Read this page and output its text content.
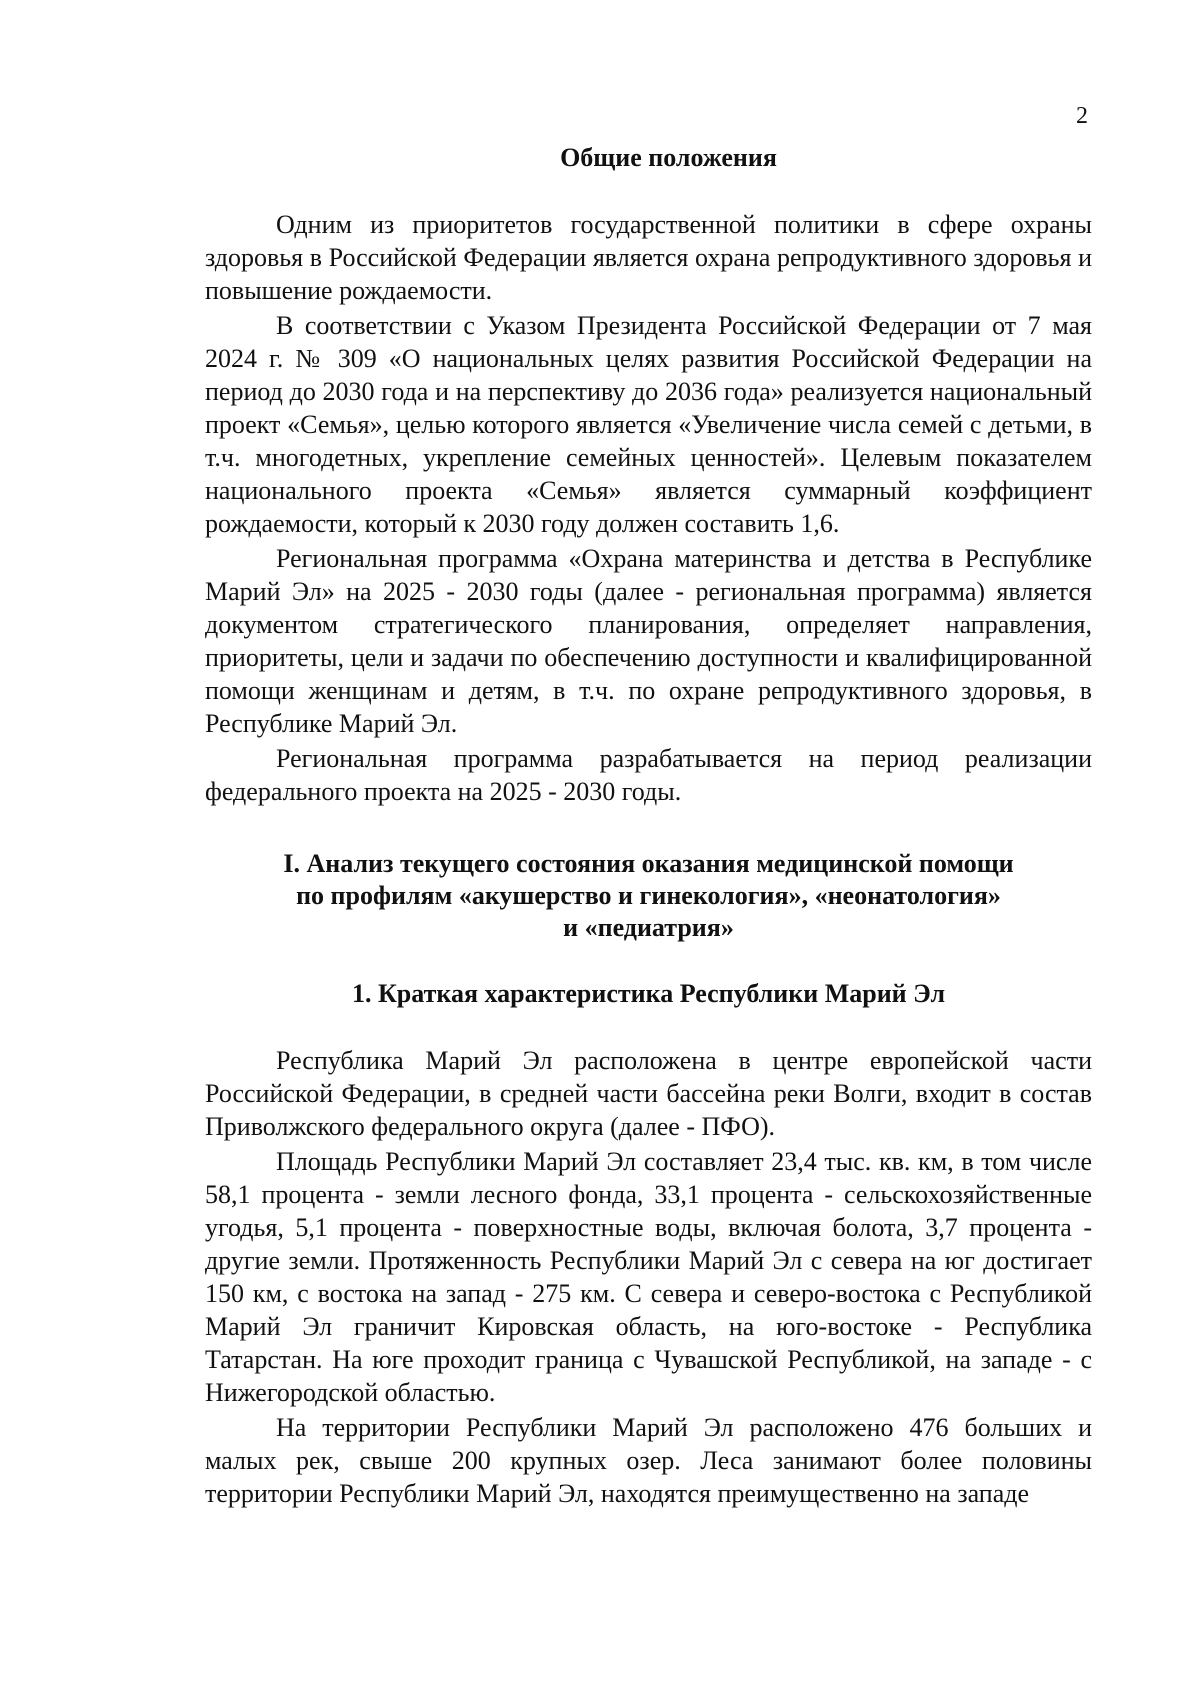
2
Общие положения

Одним из приоритетов государственной политики в сфере охраны здоровья в Российской Федерации является охрана репродуктивного здоровья и повышение рождаемости.

В соответствии с Указом Президента Российской Федерации от 7 мая 2024 г. № 309 «О национальных целях развития Российской Федерации на период до 2030 года и на перспективу до 2036 года» реализуется национальный проект «Семья», целью которого является «Увеличение числа семей с детьми, в т.ч. многодетных, укрепление семейных ценностей». Целевым показателем национального проекта «Семья» является суммарный коэффициент рождаемости, который к 2030 году должен составить 1,6.

Региональная программа «Охрана материнства и детства в Республике Марий Эл» на 2025 - 2030 годы (далее - региональная программа) является документом стратегического планирования, определяет направления, приоритеты, цели и задачи по обеспечению доступности и квалифицированной помощи женщинам и детям, в т.ч. по охране репродуктивного здоровья, в Республике Марий Эл.

Региональная программа разрабатывается на период реализации федерального проекта на 2025 - 2030 годы.

I. Анализ текущего состояния оказания медицинской помощи
по профилям «акушерство и гинекология», «неонатология»
и «педиатрия»
1. Краткая характеристика Республики Марий Эл

Республика Марий Эл расположена в центре европейской части Российской Федерации, в средней части бассейна реки Волги, входит в состав Приволжского федерального округа (далее - ПФО).

Площадь Республики Марий Эл составляет 23,4 тыс. кв. км, в том числе 58,1 процента - земли лесного фонда, 33,1 процента - сельскохозяйственные угодья, 5,1 процента - поверхностные воды, включая болота, 3,7 процента - другие земли. Протяженность Республики Марий Эл с севера на юг достигает 150 км, с востока на запад - 275 км. С севера и северо-востока с Республикой Марий Эл граничит Кировская область, на юго-востоке - Республика Татарстан. На юге проходит граница с Чувашской Республикой, на западе - с Нижегородской областью.

На территории Республики Марий Эл расположено 476 больших и малых рек, свыше 200 крупных озер. Леса занимают более половины территории Республики Марий Эл, находятся преимущественно на западе
